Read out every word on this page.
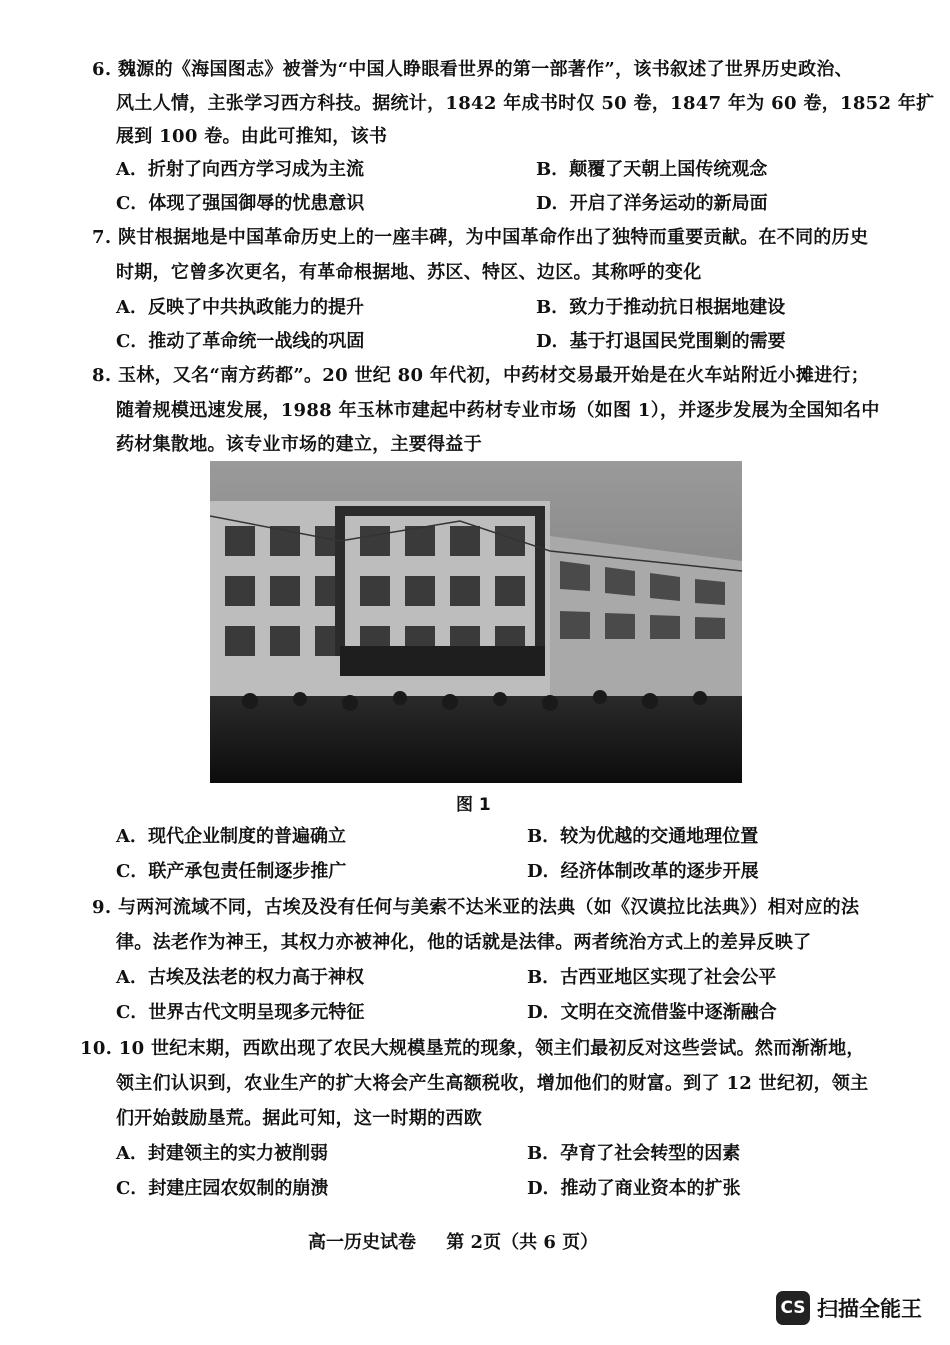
6. 魏源的《海国图志》被誉为“中国人睁眼看世界的第一部著作”，该书叙述了世界历史政治、
风土人情，主张学习西方科技。据统计，1842 年成书时仅 50 卷，1847 年为 60 卷，1852 年扩
展到 100 卷。由此可推知，该书
A．折射了向西方学习成为主流	B．颠覆了天朝上国传统观念
C．体现了强国御辱的忧患意识	D．开启了洋务运动的新局面
7. 陕甘根据地是中国革命历史上的一座丰碑，为中国革命作出了独特而重要贡献。在不同的历史
时期，它曾多次更名，有革命根据地、苏区、特区、边区。其称呼的变化
A．反映了中共执政能力的提升	B．致力于推动抗日根据地建设
C．推动了革命统一战线的巩固	D．基于打退国民党围剿的需要
8. 玉林，又名“南方药都”。20 世纪 80 年代初，中药材交易最开始是在火车站附近小摊进行；
随着规模迅速发展，1988 年玉林市建起中药材专业市场（如图 1），并逐步发展为全国知名中
药材集散地。该专业市场的建立，主要得益于
图 1
A．现代企业制度的普遍确立	B．较为优越的交通地理位置
C．联产承包责任制逐步推广	D．经济体制改革的逐步开展
9. 与两河流域不同，古埃及没有任何与美索不达米亚的法典（如《汉谟拉比法典》）相对应的法
律。法老作为神王，其权力亦被神化，他的话就是法律。两者统治方式上的差异反映了
A．古埃及法老的权力高于神权	B．古西亚地区实现了社会公平
C．世界古代文明呈现多元特征	D．文明在交流借鉴中逐渐融合
10. 10 世纪末期，西欧出现了农民大规模垦荒的现象，领主们最初反对这些尝试。然而渐渐地，
领主们认识到，农业生产的扩大将会产生高额税收，增加他们的财富。到了 12 世纪初，领主
们开始鼓励垦荒。据此可知，这一时期的西欧
A．封建领主的实力被削弱	B．孕育了社会转型的因素
C．封建庄园农奴制的崩溃	D．推动了商业资本的扩张
高一历史试卷 第 2页（共 6 页）
CS 扫描全能王
